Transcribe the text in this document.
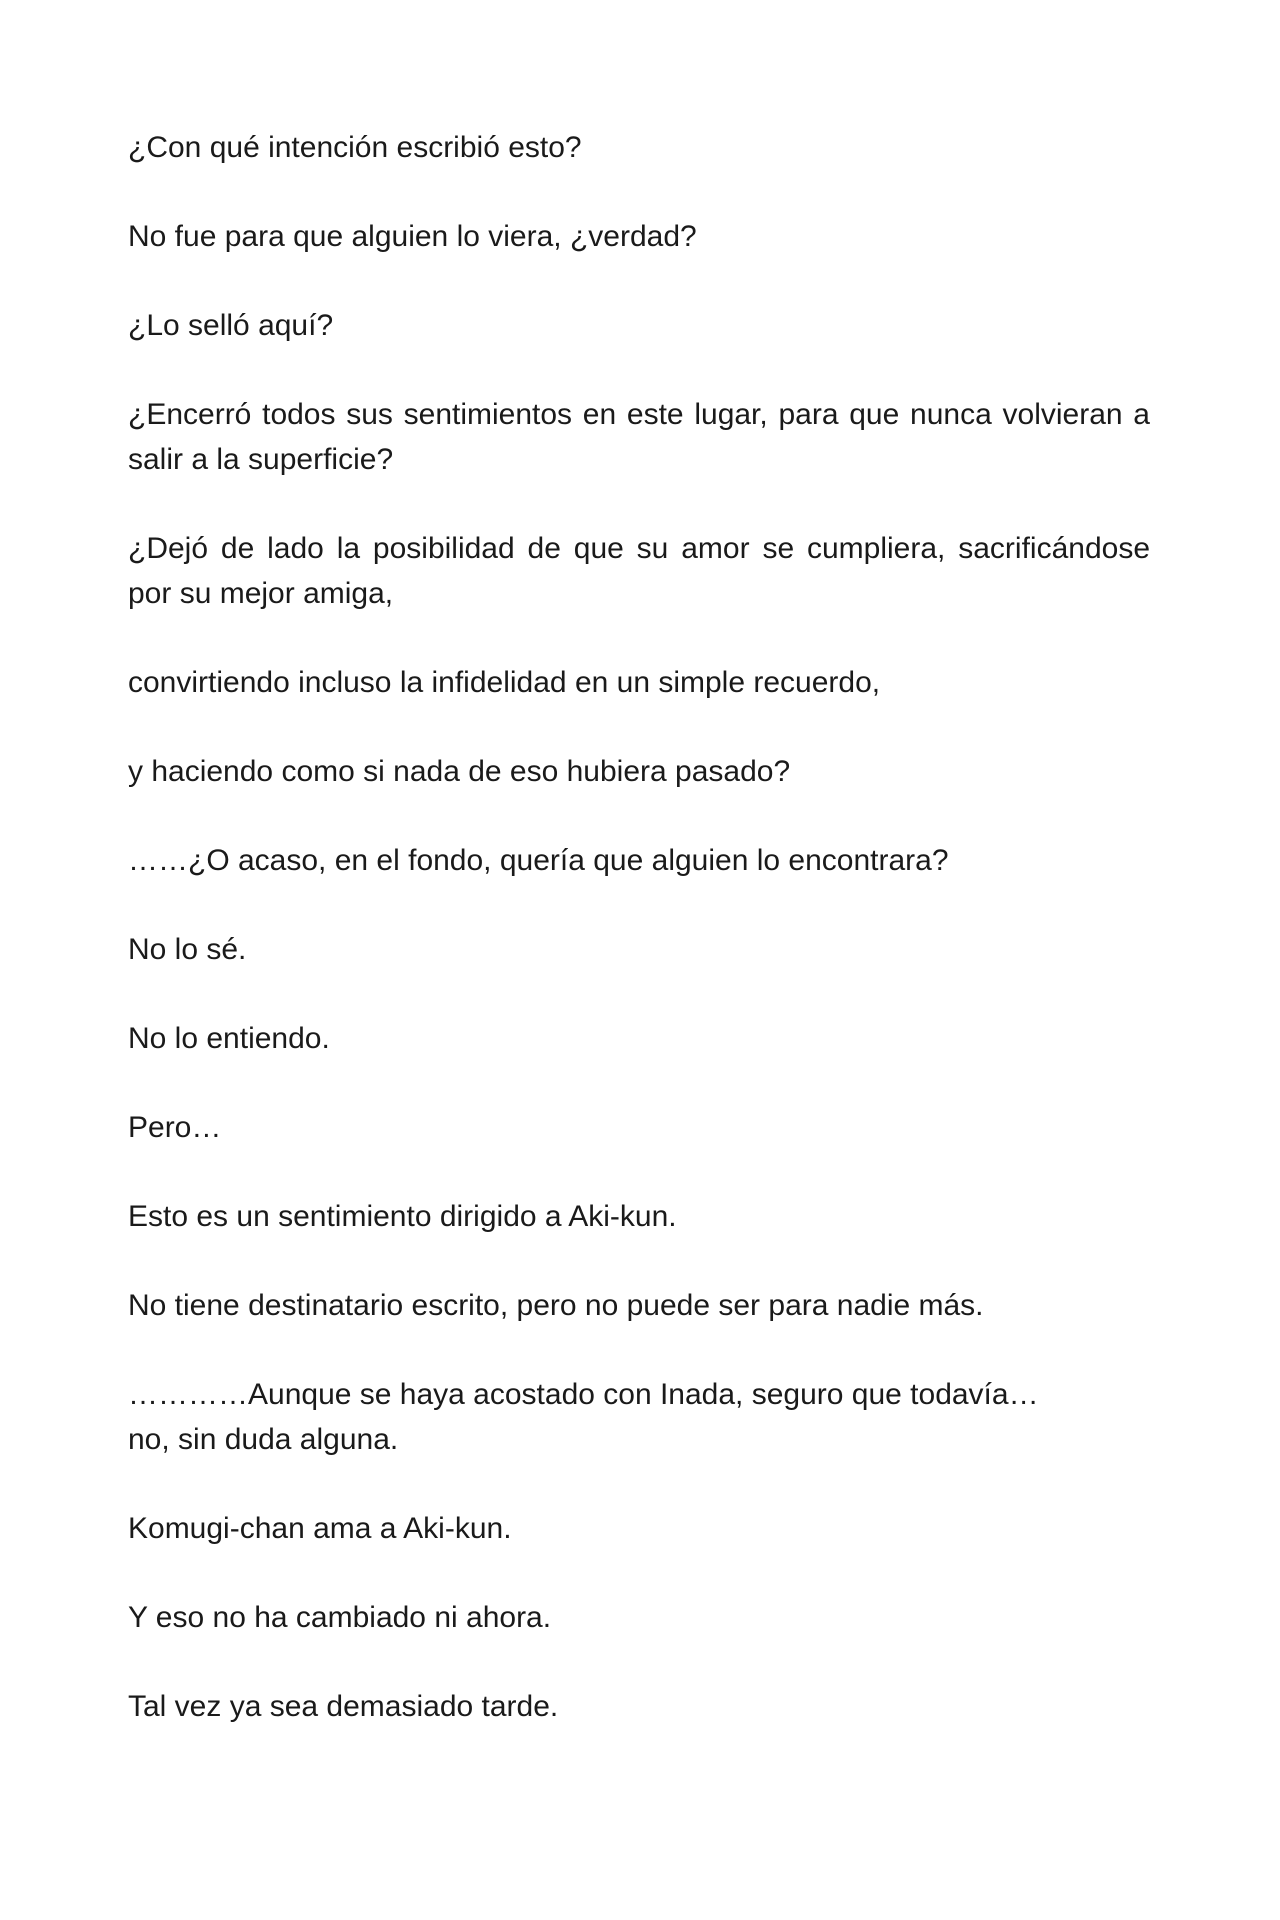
¿Con qué intención escribió esto?

No fue para que alguien lo viera, ¿verdad?

¿Lo selló aquí?

¿Encerró todos sus sentimientos en este lugar, para que nunca volvieran a salir a la superficie?

¿Dejó de lado la posibilidad de que su amor se cumpliera, sacrificándose por su mejor amiga,

convirtiendo incluso la infidelidad en un simple recuerdo,

y haciendo como si nada de eso hubiera pasado?

……¿O acaso, en el fondo, quería que alguien lo encontrara?

No lo sé.

No lo entiendo.

Pero…

Esto es un sentimiento dirigido a Aki-kun.

No tiene destinatario escrito, pero no puede ser para nadie más.

…………Aunque se haya acostado con Inada, seguro que todavía…
no, sin duda alguna.

Komugi-chan ama a Aki-kun.

Y eso no ha cambiado ni ahora.

Tal vez ya sea demasiado tarde.
